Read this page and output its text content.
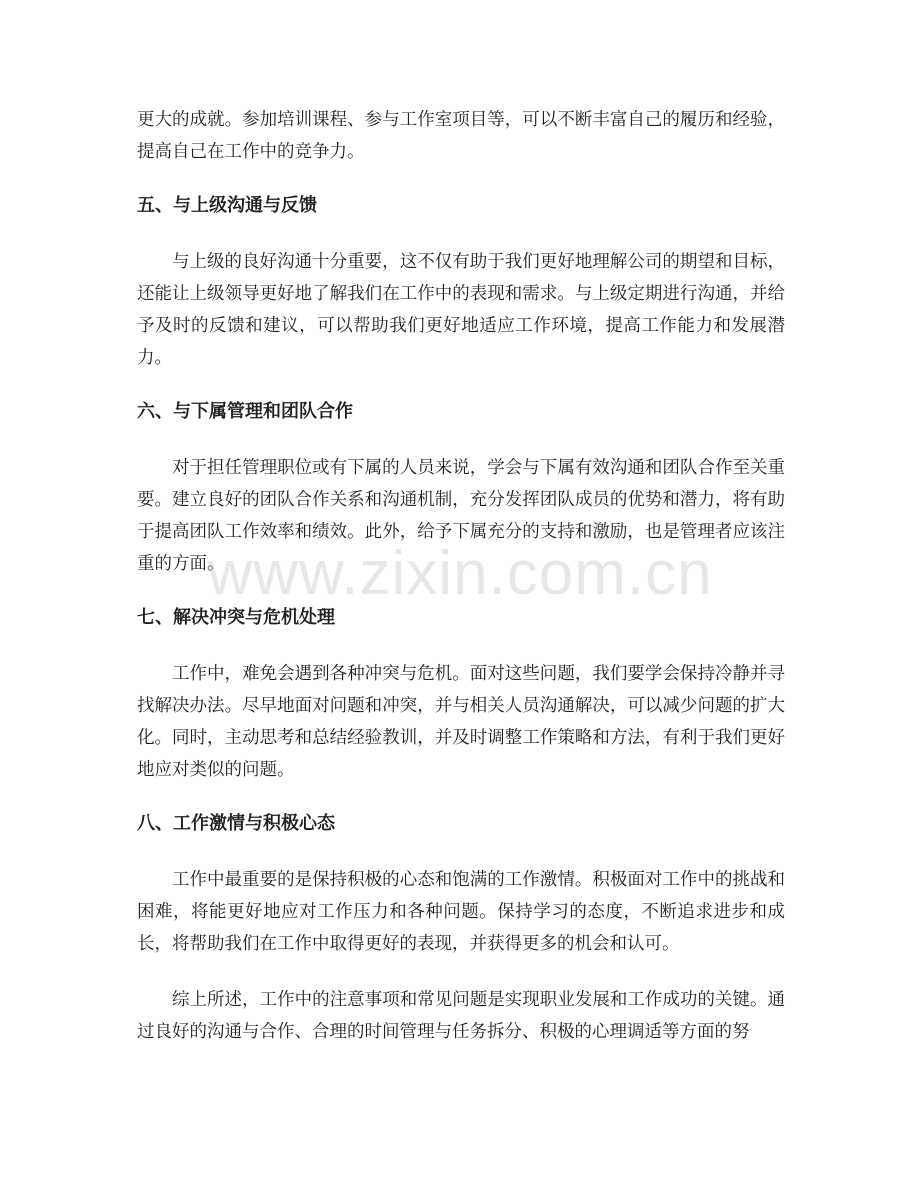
更大的成就。参加培训课程、参与工作室项目等，可以不断丰富自己的履历和经验，提高自己在工作中的竞争力。

五、与上级沟通与反馈

与上级的良好沟通十分重要，这不仅有助于我们更好地理解公司的期望和目标，还能让上级领导更好地了解我们在工作中的表现和需求。与上级定期进行沟通，并给予及时的反馈和建议，可以帮助我们更好地适应工作环境，提高工作能力和发展潜力。

六、与下属管理和团队合作

对于担任管理职位或有下属的人员来说，学会与下属有效沟通和团队合作至关重要。建立良好的团队合作关系和沟通机制，充分发挥团队成员的优势和潜力，将有助于提高团队工作效率和绩效。此外，给予下属充分的支持和激励，也是管理者应该注重的方面。

七、解决冲突与危机处理

工作中，难免会遇到各种冲突与危机。面对这些问题，我们要学会保持冷静并寻找解决办法。尽早地面对问题和冲突，并与相关人员沟通解决，可以减少问题的扩大化。同时，主动思考和总结经验教训，并及时调整工作策略和方法，有利于我们更好地应对类似的问题。

八、工作激情与积极心态

工作中最重要的是保持积极的心态和饱满的工作激情。积极面对工作中的挑战和困难，将能更好地应对工作压力和各种问题。保持学习的态度，不断追求进步和成长，将帮助我们在工作中取得更好的表现，并获得更多的机会和认可。

综上所述，工作中的注意事项和常见问题是实现职业发展和工作成功的关键。通过良好的沟通与合作、合理的时间管理与任务拆分、积极的心理调适等方面的努

www.zixin.com.cn
